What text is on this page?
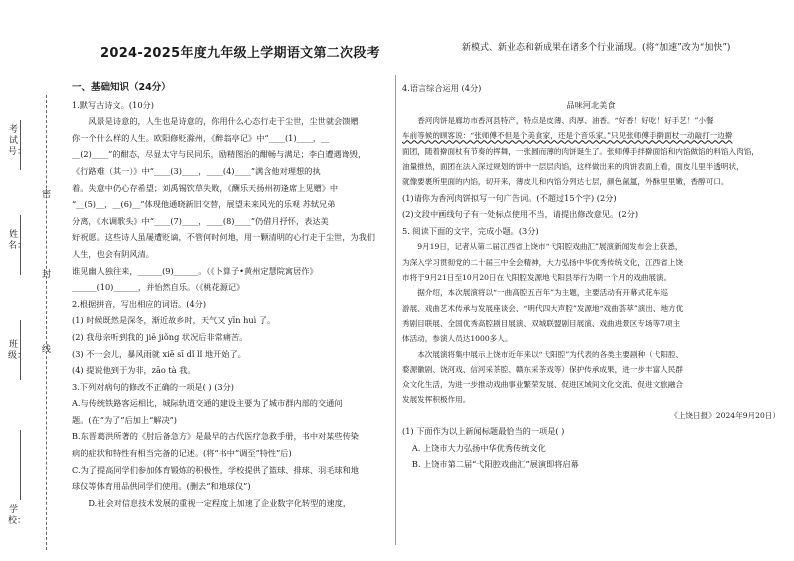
考试号：
密
姓名：
封
班级：
线
学校：
2024-2025年度九年级上学期语文第二次段考	新模式、新业态和新成果在诸多个行业涌现。(将“加速”改为“加快”)

一、基础知识（24分）

1.默写古诗文。(10分)

风景是诗意的，人生也是诗意的，你用什么心态行走于尘世，尘世就会馈赠

你一个什么样的人生。欧阳修贬滁州，《醉翁亭记》中“____(1)____，__

__(2)____”的酣态，尽显太守与民同乐，励精图治的酣畅与满足；李白遭遇谗毁，

《行路难（其一）》中“____(3)____，____(4)____”满含他对理想的执

着。失意中仍心存希望；刘禹锡饮草失败，《酬乐天扬州初逢席上见赠》中

“__(5)__，__(6)__”体现他通晓新旧交替，展望未来风光的乐观 苏轼兄弟

分离，《水调歌头》中“____(7)____，____(8)____”仍借月抒怀，表达美

好祝愿。这些诗人虽屡遭贬谪，不管何时何地，用一颗清明的心行走于尘世，为我们

人生，也会有阴风清。

谁见幽人独往来，______(9)______。（《卜算子•黄州定慧院寓居作》

______(10)______，并怡然自乐。（《桃花源记》

2.根据拼音，写出相应的词语。(4分)

(1) 时候既然是深冬，渐近故乡时，天气又 yīn huì 了。

(2) 我母亲听到我的 jiē jiǒng 状况后非常痛苦。

(3) 不一会儿，暴风雨就 xiē sī dǐ lǐ 地开始了。

(4) 提说他到于为非，zāo tà 我。

3.下列对病句的修改不正确的一项是( ) (3分)

A.与传统铁路客运相比，城际轨道交通的建设主要为了城市群内部的交通问

题。(在“为了”后加上“解决”)

B.东晋葛洪所著的《肘后备急方》是最早的古代医疗急救手册，书中对某些传染

病的症状和特性有相当完备的记述。(将“书中”调至“特性”后)

C.为了提高同学们参加体育锻炼的积极性，学校提供了篮球、排球、羽毛球和地

球仪等体育用品供同学们使用。(删去“和地球仪”)

D.社会对信息技术发展的重视一定程度上加速了企业数字化转型的速度，

4.语言综合运用 (4分)

品味河北美食

香河肉饼是廊坊市香河县特产，特点是皮薄、肉厚、油香。“好香！好吃！好手艺！”小餐

车前等候的顾客说：“张师傅不但是个美食家，还是个音乐家。”只见张师傅手擀面杖一动敲打一边擀

面团，随着擀面杖有节奏的挥舞，一张圆而薄的肉饼诞生了。张师傅手拌擀面馅和内馅做馅的料馅入肉馅，

油量推热，面团在法入深过规划的饼中一层层肉馅，这样做出来的肉饼表面上看，面皮儿里半透明状，

就像要裹所里面的内馅，切开来，薄皮儿和内馅分列达七层，颜色氤氲，外酥里里嫩，香醇可口。

(1)请你为香河肉饼拟写一句广告词。(不超过15个字) (2分)

(2)文段中画线句子有一处标点使用不当，请提出修改意见。(2分)

5. 阅读下面的文字，完成小题。(3分)

9月19日，记者从第二届江西省上饶市“弋阳腔戏曲汇”展演新闻发布会上获悉，

为深入学习贯彻党的二十届三中全会精神，大力弘扬中华优秀传统文化，江西省上饶

市将于9月21日至10月20日在弋阳腔发源地弋阳县举行为期一个月的戏曲展演。

据介绍，本次展演将以“一曲高腔五百年”为主题，主要活动有开幕式花车巡

游展、戏曲艺术传承与发展座谈会、“明代四大声腔”发源地“戏曲荟萃”演出、地方优

秀剧目联展、全国优秀高腔剧目展演、双城联盟剧目展演、戏曲进景区专场等7项主

体活动，参演人员达1000多人。

本次展演将集中展示上饶市近年来以“弋阳腔”为代表的各类主要剧种（弋阳腔、

婺源徽剧、饶河戏、信河采茶腔、赣东采茶戏等）保护传承成果，进一步丰富人民群

众文化生活，为进一步推动戏曲事业繁荣发展、促进区域间文化交流、促进文旅融合

发展发挥积极作用。

《上饶日报》2024年9月20日）

(1) 下面作为以上新闻标题最恰当的一项是( )

A. 上饶市大力弘扬中华优秀传统文化

B. 上饶市第二届“弋阳腔戏曲汇”展演即将启幕
